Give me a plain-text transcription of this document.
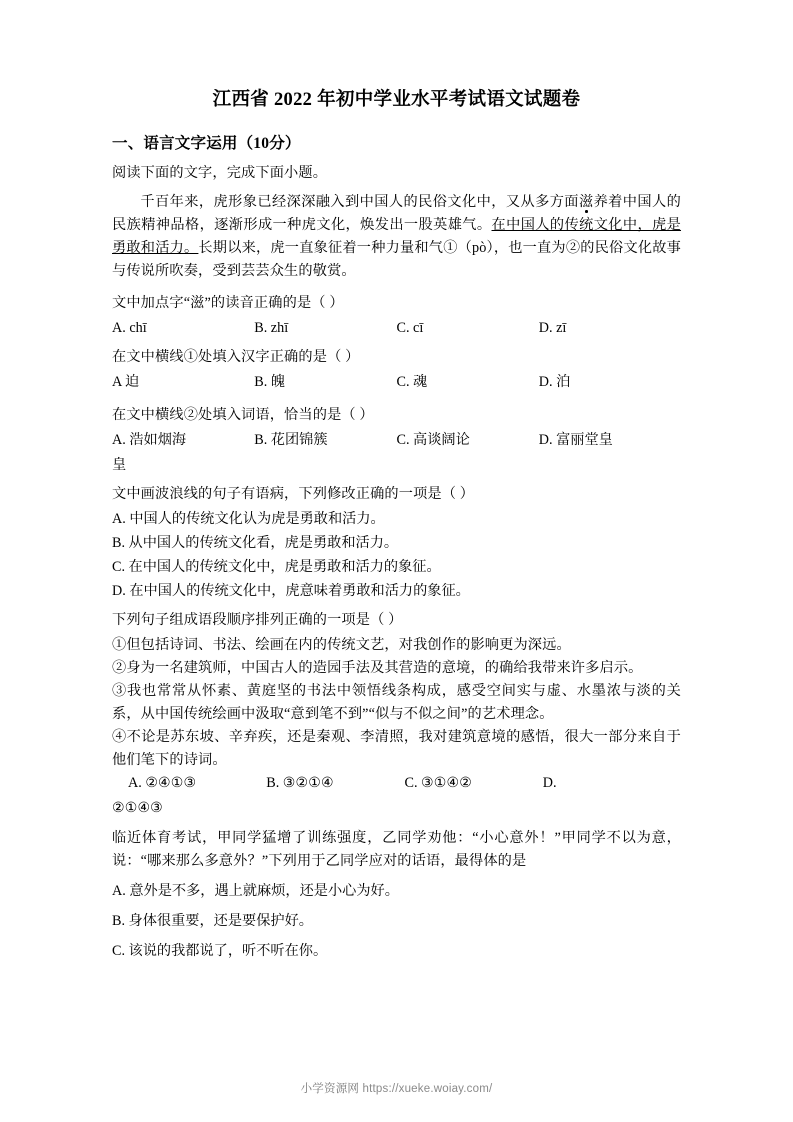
江西省 2022 年初中学业水平考试语文试题卷
一、语言文字运用（10分）

阅读下面的文字，完成下面小题。

千百年来，虎形象已经深深融入到中国人的民俗文化中，又从多方面滋养着中国人的民族精神品格，逐渐形成一种虎文化，焕发出一股英雄气。在中国人的传统文化中，虎是勇敢和活力。长期以来，虎一直象征着一种力量和气①（pò），也一直为②的民俗文化故事与传说所吹奏，受到芸芸众生的敬赏。

文中加点字“滋”的读音正确的是（ ）

A. chī	B. zhī	C. cī	D. zī

在文中横线①处填入汉字正确的是（ ）

A 迫	B. 魄	C. 魂	D. 泊

在文中横线②处填入词语，恰当的是（ ）

A. 浩如烟海	B. 花团锦簇	C. 高谈阔论	D. 富丽堂皇
皇

文中画波浪线的句子有语病，下列修改正确的一项是（ ）

A. 中国人的传统文化认为虎是勇敢和活力。
B. 从中国人的传统文化看，虎是勇敢和活力。
C. 在中国人的传统文化中，虎是勇敢和活力的象征。
D. 在中国人的传统文化中，虎意味着勇敢和活力的象征。

下列句子组成语段顺序排列正确的一项是（ ）

①但包括诗词、书法、绘画在内的传统文艺，对我创作的影响更为深远。

②身为一名建筑师，中国古人的造园手法及其营造的意境，的确给我带来许多启示。

③我也常常从怀素、黄庭坚的书法中领悟线条构成，感受空间实与虚、水墨浓与淡的关系，从中国传统绘画中汲取“意到笔不到”“似与不似之间”的艺术理念。

④不论是苏东坡、辛弃疾，还是秦观、李清照，我对建筑意境的感悟，很大一部分来自于他们笔下的诗词。

A. ②④①③	B. ③②①④	C. ③①④②	D.
②①④③

临近体育考试，甲同学猛增了训练强度，乙同学劝他：“小心意外！”甲同学不以为意，说：“哪来那么多意外？”下列用于乙同学应对的话语，最得体的是

A. 意外是不多，遇上就麻烦，还是小心为好。
B. 身体很重要，还是要保护好。
C. 该说的我都说了，听不听在你。
小学资源网 https://xueke.woiay.com/
